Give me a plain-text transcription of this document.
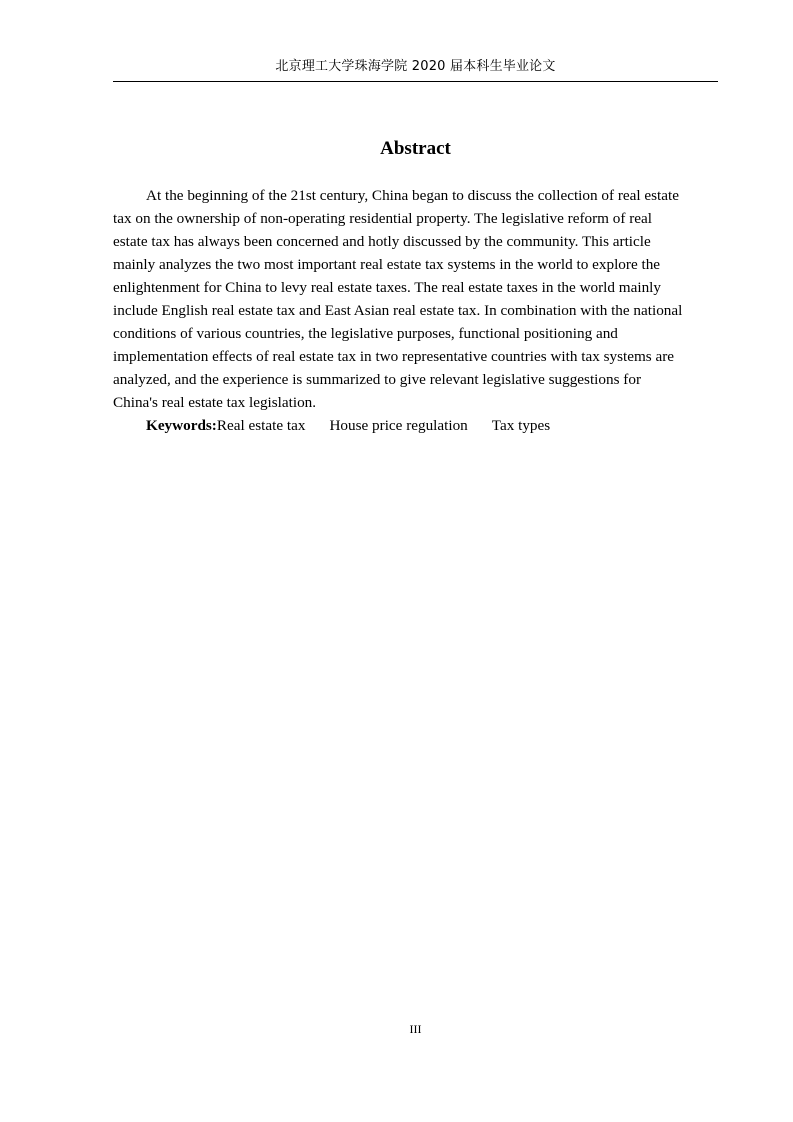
北京理工大学珠海学院 2020 届本科生毕业论文
Abstract
At the beginning of the 21st century, China began to discuss the collection of real estate
tax on the ownership of non-operating residential property. The legislative reform of real
estate tax has always been concerned and hotly discussed by the community. This article
mainly analyzes the two most important real estate tax systems in the world to explore the
enlightenment for China to levy real estate taxes. The real estate taxes in the world mainly
include English real estate tax and East Asian real estate tax. In combination with the national
conditions of various countries, the legislative purposes, functional positioning and
implementation effects of real estate tax in two representative countries with tax systems are
analyzed, and the experience is summarized to give relevant legislative suggestions for
China's real estate tax legislation.
Keywords:Real estate tax House price regulation Tax types
III
